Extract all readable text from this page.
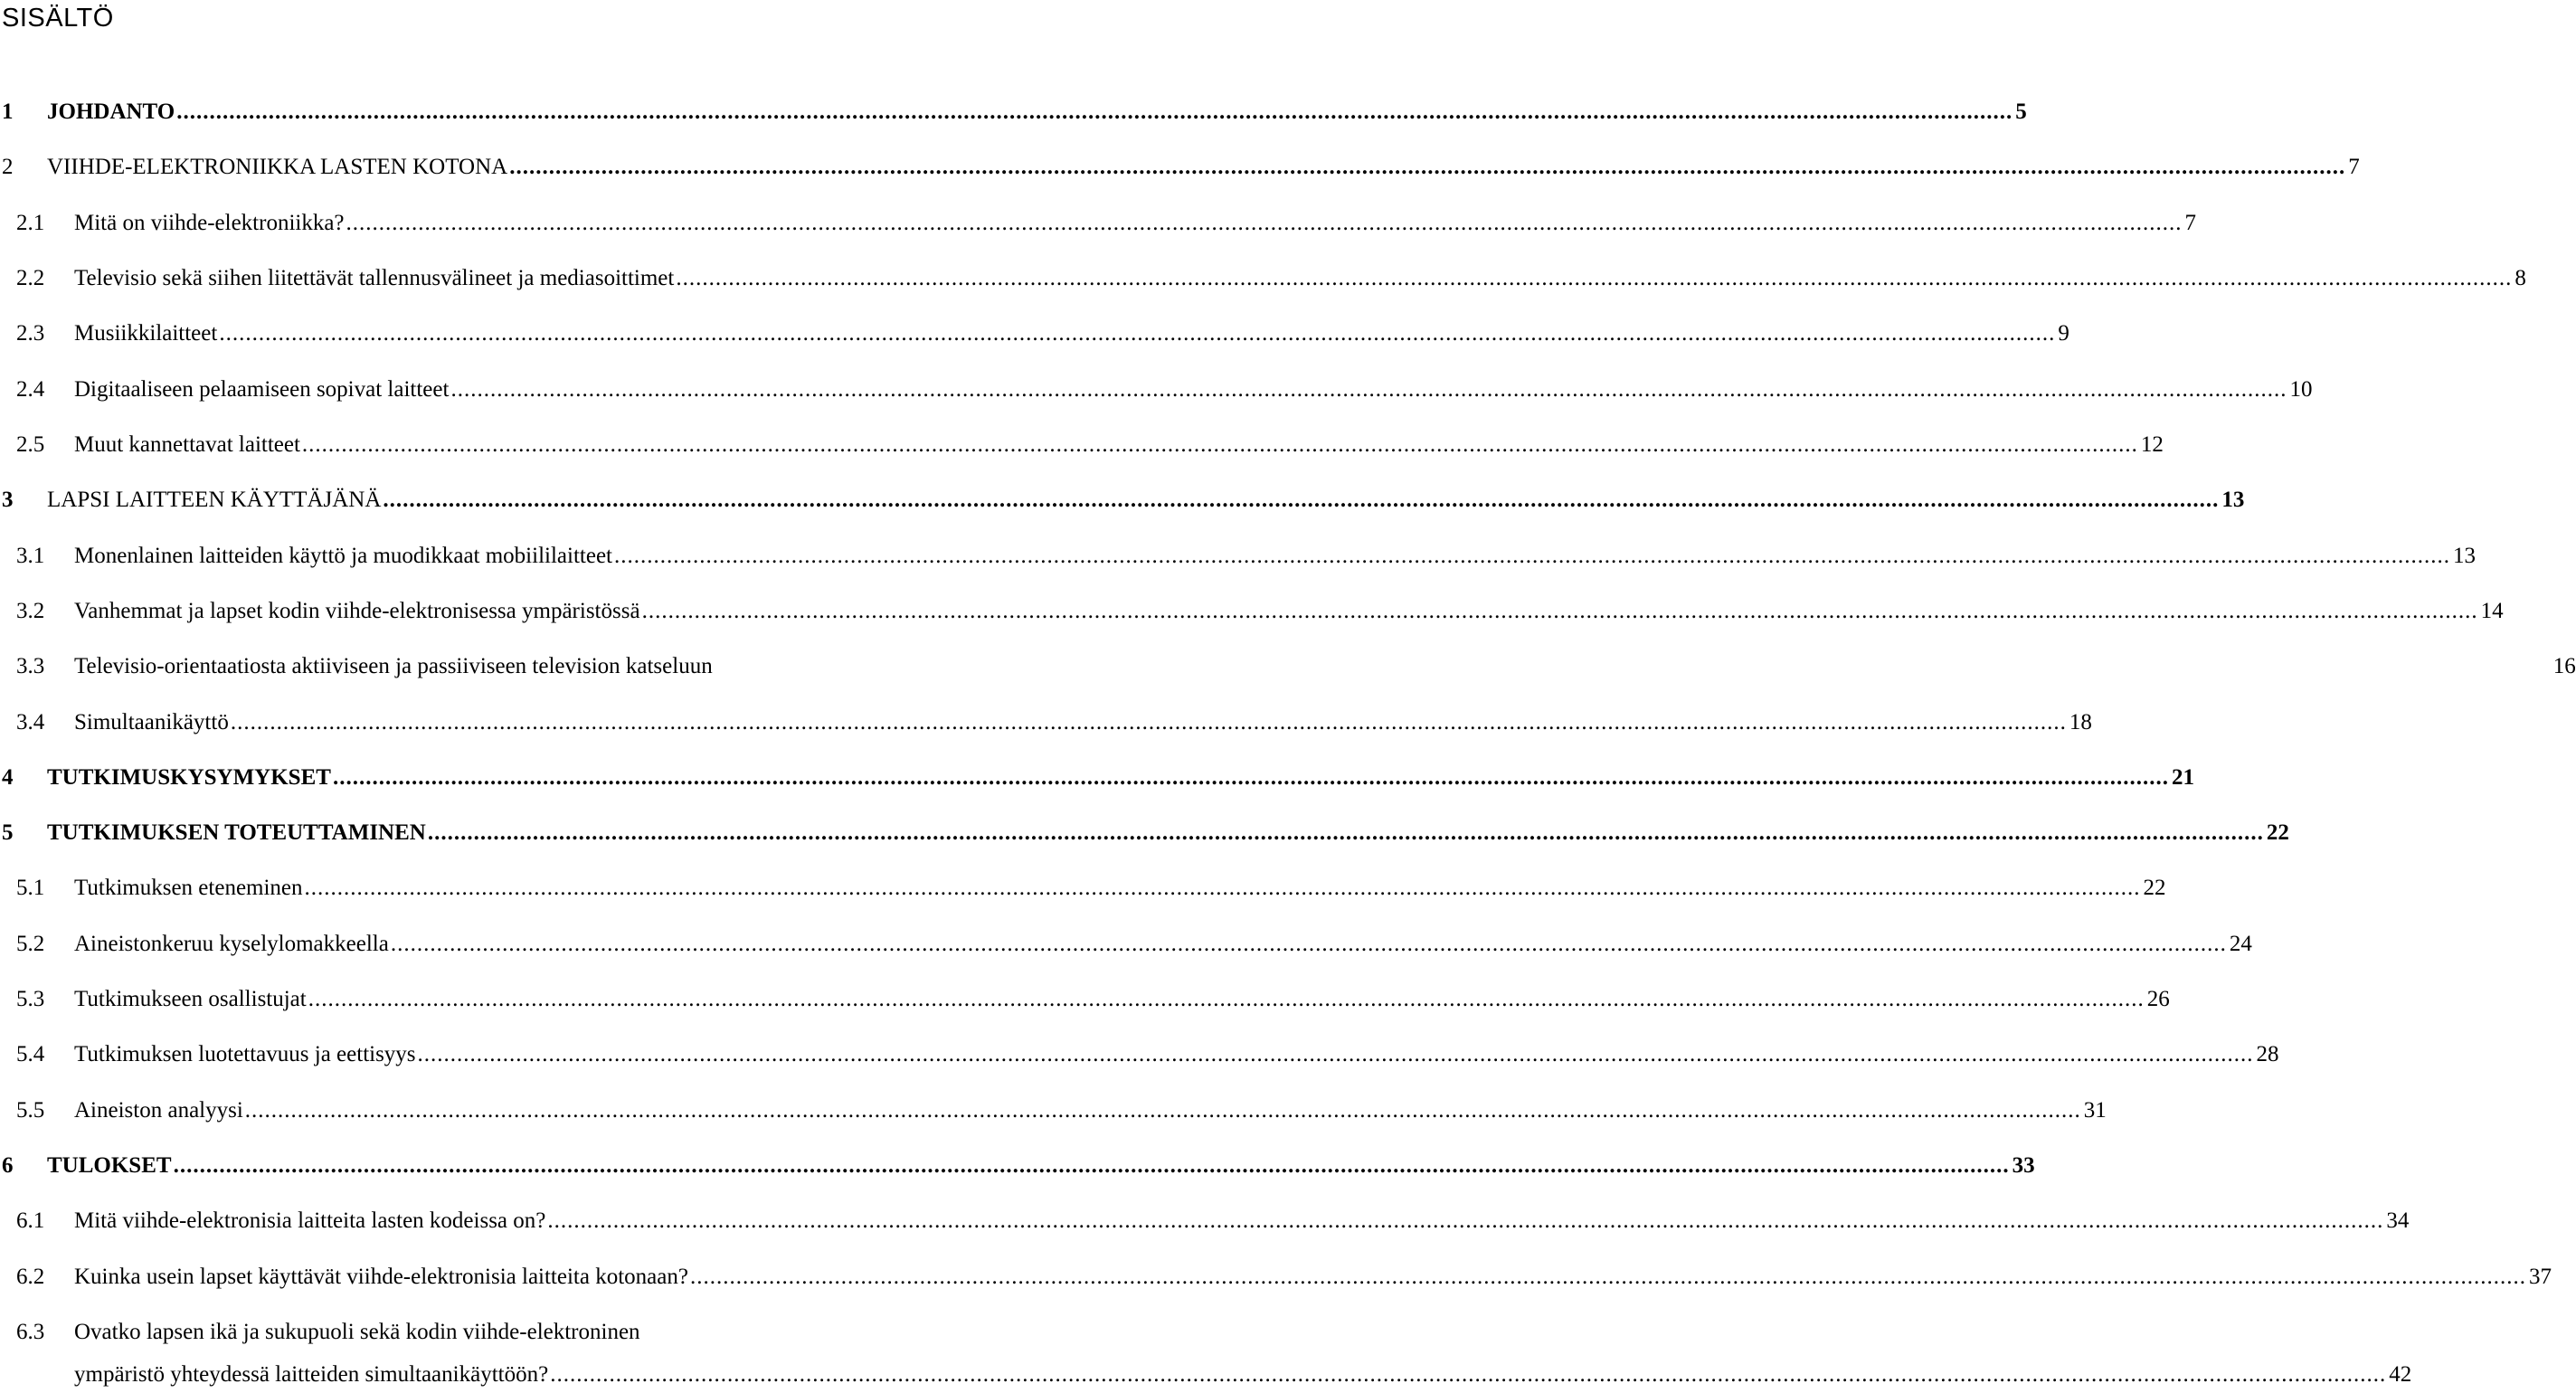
SISÄLTÖ
1 JOHDANTO ........................................................................................................................................................................................................................................................................................ 5
2 VIIHDE-ELEKTRONIIKKA LASTEN KOTONA ........................................................................................................................................................................................................................................................................................ 7
2.1 Mitä on viihde-elektroniikka? ........................................................................................................................................................................................................................................................................................ 7
2.2 Televisio sekä siihen liitettävät tallennusvälineet ja mediasoittimet ........................................................................................................................................................................................................................................................................................ 8
2.3 Musiikkilaitteet ........................................................................................................................................................................................................................................................................................ 9
2.4 Digitaaliseen pelaamiseen sopivat laitteet ........................................................................................................................................................................................................................................................................................ 10
2.5 Muut kannettavat laitteet ........................................................................................................................................................................................................................................................................................ 12
3 LAPSI LAITTEEN KÄYTTÄJÄNÄ ........................................................................................................................................................................................................................................................................................ 13
3.1 Monenlainen laitteiden käyttö ja muodikkaat mobiililaitteet ........................................................................................................................................................................................................................................................................................ 13
3.2 Vanhemmat ja lapset kodin viihde-elektronisessa ympäristössä ........................................................................................................................................................................................................................................................................................ 14
3.3 Televisio-orientaatiosta aktiiviseen ja passiiviseen television katseluun	16
3.4 Simultaanikäyttö ........................................................................................................................................................................................................................................................................................ 18
4 TUTKIMUSKYSYMYKSET ........................................................................................................................................................................................................................................................................................ 21
5 TUTKIMUKSEN TOTEUTTAMINEN ........................................................................................................................................................................................................................................................................................ 22
5.1 Tutkimuksen eteneminen ........................................................................................................................................................................................................................................................................................ 22
5.2 Aineistonkeruu kyselylomakkeella ........................................................................................................................................................................................................................................................................................ 24
5.3 Tutkimukseen osallistujat ........................................................................................................................................................................................................................................................................................ 26
5.4 Tutkimuksen luotettavuus ja eettisyys ........................................................................................................................................................................................................................................................................................ 28
5.5 Aineiston analyysi ........................................................................................................................................................................................................................................................................................ 31
6 TULOKSET ........................................................................................................................................................................................................................................................................................ 33
6.1 Mitä viihde-elektronisia laitteita lasten kodeissa on? ........................................................................................................................................................................................................................................................................................ 34
6.2 Kuinka usein lapset käyttävät viihde-elektronisia laitteita kotonaan? ........................................................................................................................................................................................................................................................................................ 37
6.3 Ovatko lapsen ikä ja sukupuoli sekä kodin viihde-elektroninen
ympäristö yhteydessä laitteiden simultaanikäyttöön? ........................................................................................................................................................................................................................................................................................ 42
